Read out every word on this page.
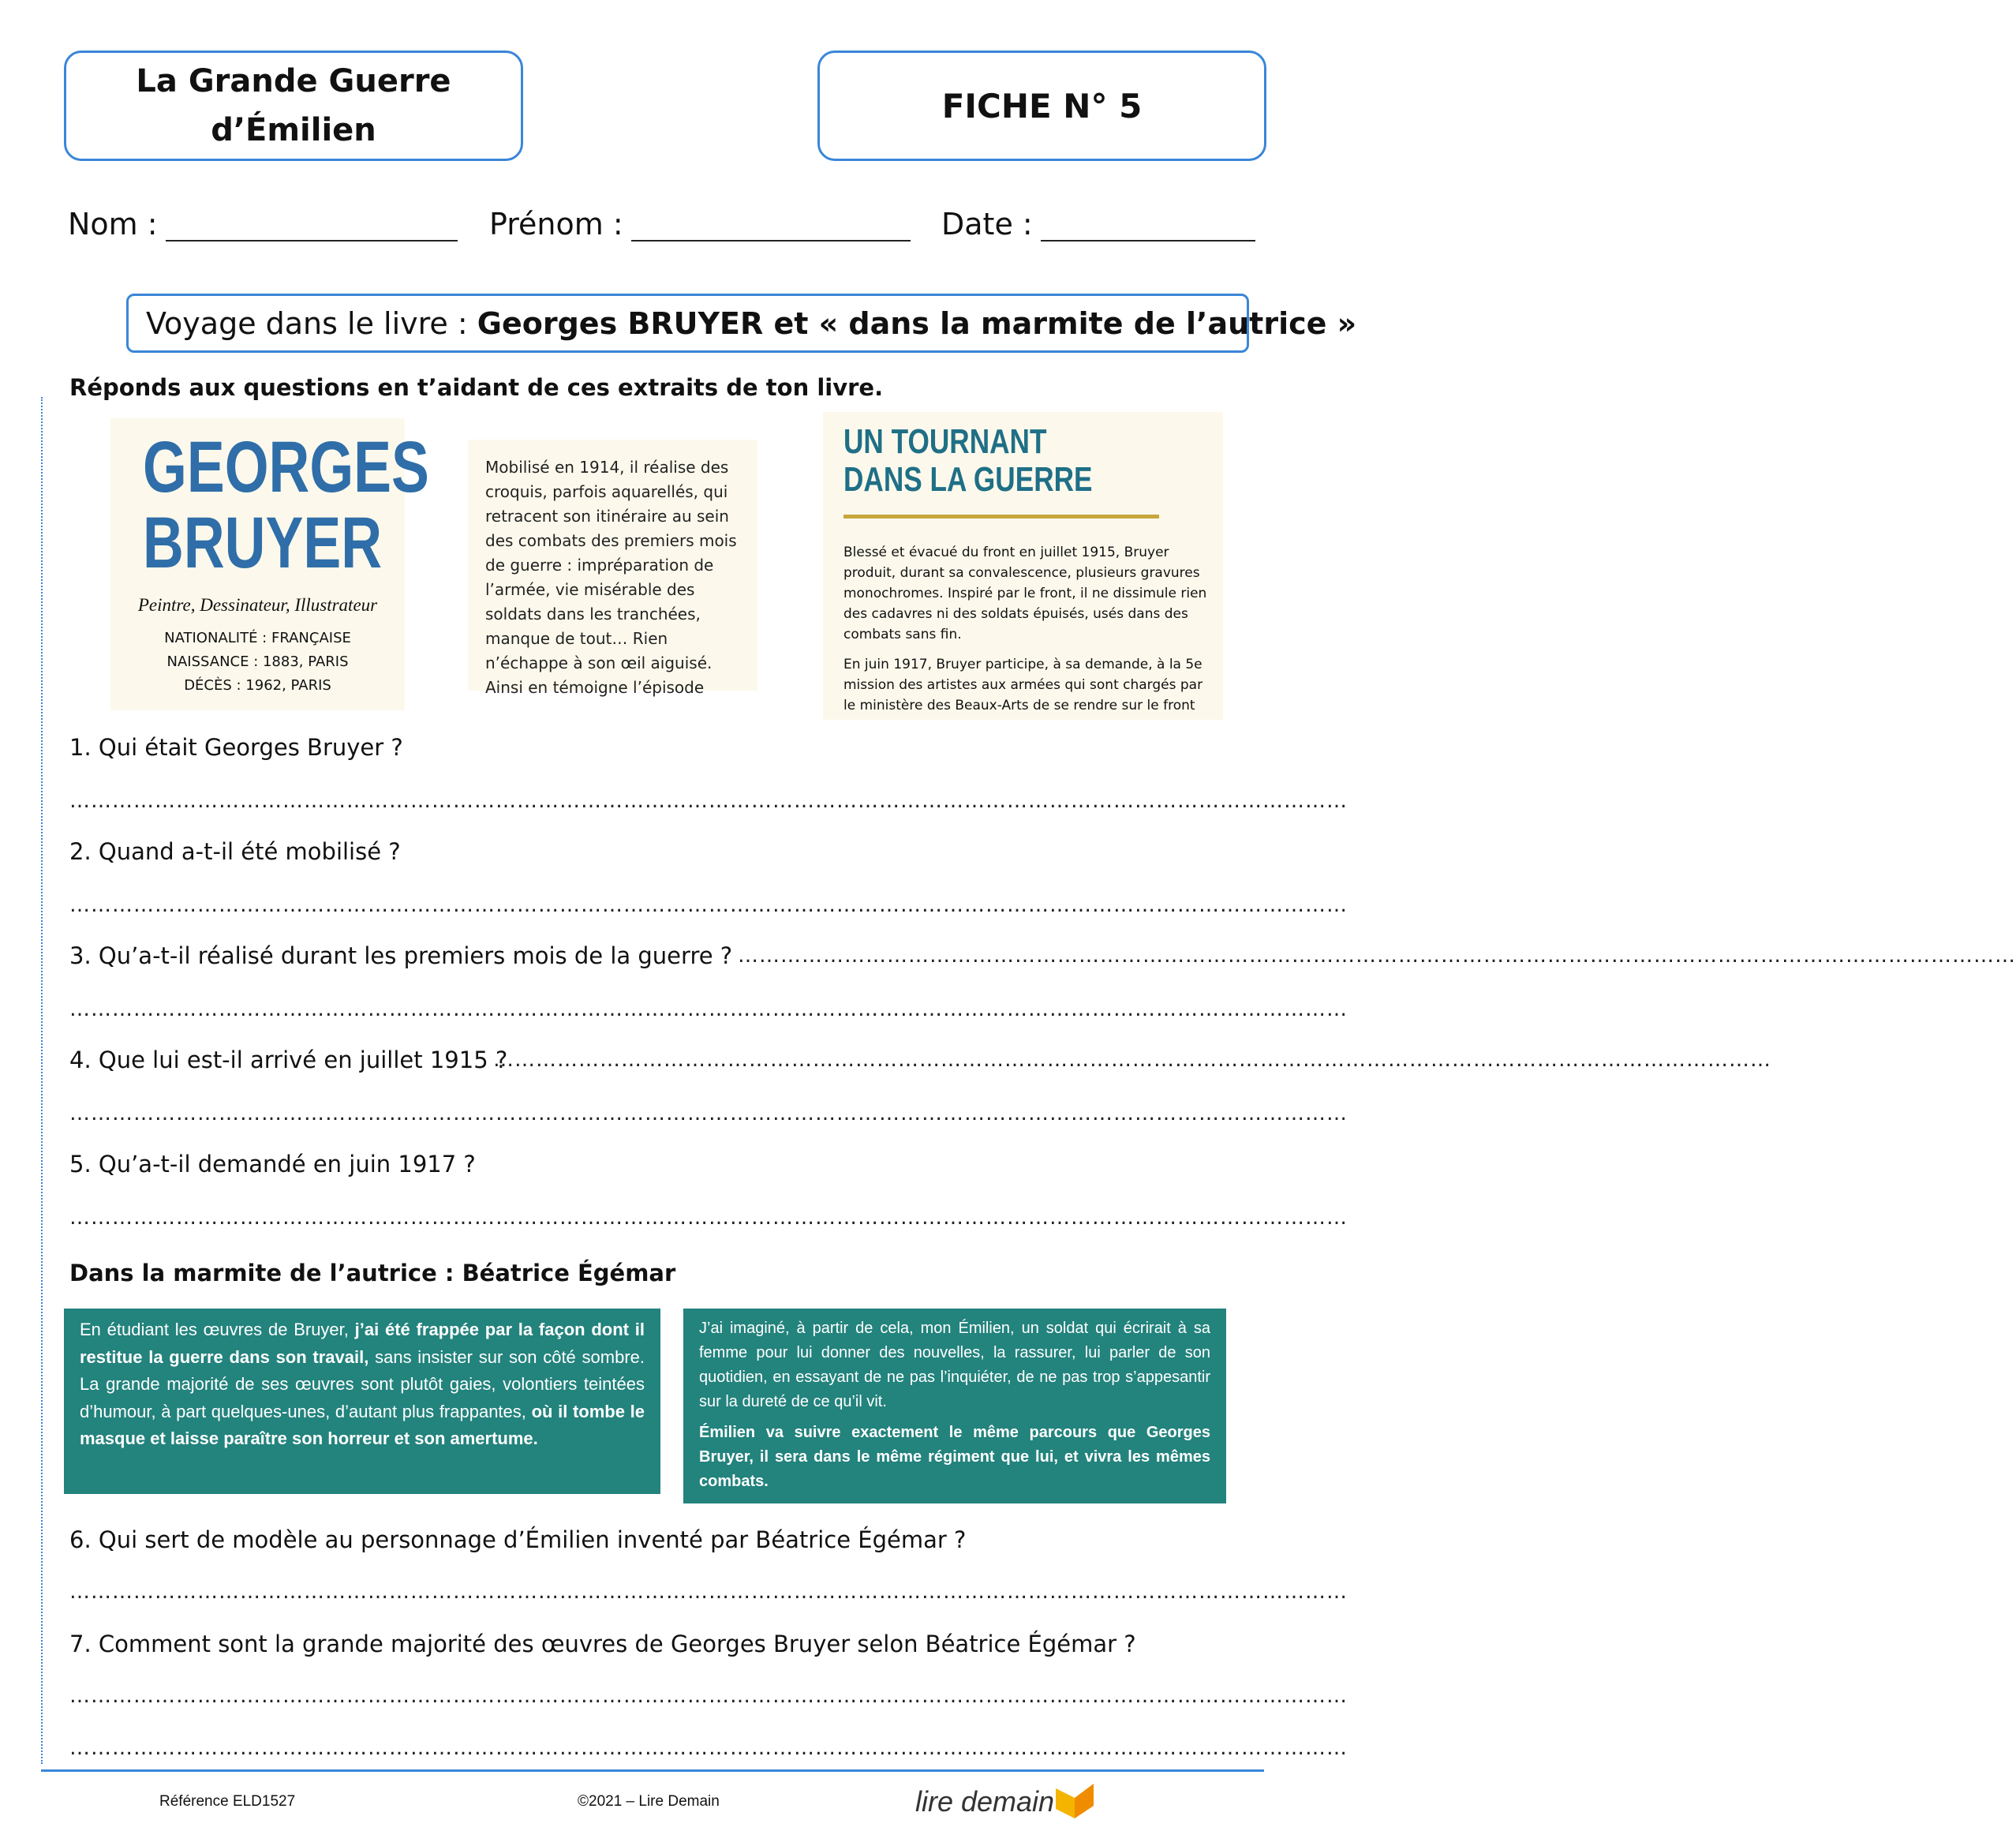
La Grande Guerre
d’Émilien
FICHE N° 5
Nom :	Prénom :	Date :
Voyage dans le livre :
Georges BRUYER et « dans la marmite de l’autrice »
Réponds aux questions en t’aidant de ces extraits de ton livre.
GEORGES
BRUYER
Peintre, Dessinateur, Illustrateur
NATIONALITÉ : FRANÇAISE
NAISSANCE : 1883, PARIS
DÉCÈS : 1962, PARIS
Mobilisé en 1914, il réalise des croquis, parfois aquarellés, qui retracent son itinéraire au sein des combats des premiers mois de guerre : impréparation de l’armée, vie misérable des soldats dans les tranchées, manque de tout… Rien n’échappe à son œil aiguisé. Ainsi en témoigne l’épisode
UN TOURNANT
DANS LA GUERRE

Blessé et évacué du front en juillet 1915, Bruyer produit, durant sa convalescence, plusieurs gravures monochromes. Inspiré par le front, il ne dissimule rien des cadavres ni des soldats épuisés, usés dans des combats sans fin.

En juin 1917, Bruyer participe, à sa demande, à la 5e mission des artistes aux armées qui sont chargés par le ministère des Beaux-Arts de se rendre sur le front

1. Qui était Georges Bruyer ?
………………………………………………………………………………………………………………………………………………………………
2. Quand a-t-il été mobilisé ?
………………………………………………………………………………………………………………………………………………………………
3. Qu’a-t-il réalisé durant les premiers mois de la guerre ? ………………………………………………………………………………………………………………………………………………………………
………………………………………………………………………………………………………………………………………………………………
4. Que lui est-il arrivé en juillet 1915 ?
………………………………………………………………………………………………………………………………………………………………
………………………………………………………………………………………………………………………………………………………………
5. Qu’a-t-il demandé en juin 1917 ?
………………………………………………………………………………………………………………………………………………………………
Dans la marmite de l’autrice : Béatrice Égémar
En étudiant les œuvres de Bruyer, j’ai été frappée par la façon dont il restitue la guerre dans son travail, sans insister sur son côté sombre. La grande majorité de ses œuvres sont plutôt gaies, volontiers teintées d’humour, à part quelques-unes, d’autant plus frappantes, où il tombe le masque et laisse paraître son horreur et son amertume.

J’ai imaginé, à partir de cela, mon Émilien, un soldat qui écrirait à sa femme pour lui donner des nouvelles, la rassurer, lui parler de son quotidien, en essayant de ne pas l’inquiéter, de ne pas trop s’appesantir sur la dureté de ce qu’il vit.

Émilien va suivre exactement le même parcours que Georges Bruyer, il sera dans le même régiment que lui, et vivra les mêmes combats.

6. Qui sert de modèle au personnage d’Émilien inventé par Béatrice Égémar ?
………………………………………………………………………………………………………………………………………………………………
7. Comment sont la grande majorité des œuvres de Georges Bruyer selon Béatrice Égémar ?
………………………………………………………………………………………………………………………………………………………………
………………………………………………………………………………………………………………………………………………………………
Référence ELD1527	©2021 – Lire Demain	lire demain
